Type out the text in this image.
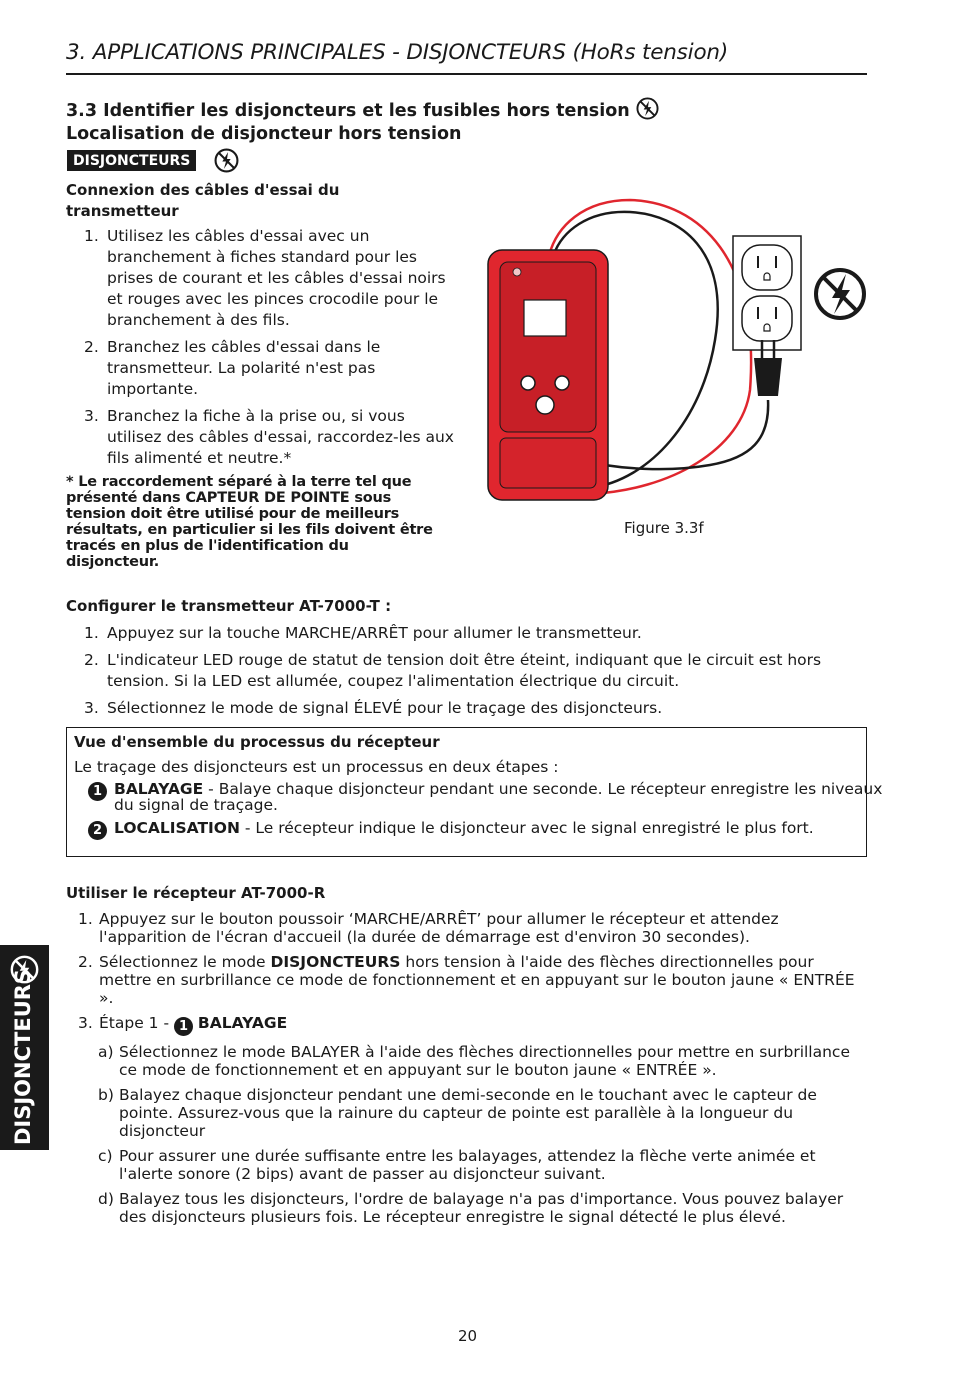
3. APPLICATIONS PRINCIPALES - DISJONCTEURS (HoRs tension)
3.3 Identifier les disjoncteurs et les fusibles hors tension
Localisation de disjoncteur hors tension
DISJONCTEURS
Connexion des câbles d'essai du transmetteur
1. Utilisez les câbles d'essai avec un branchement à fiches standard pour les prises de courant et les câbles d'essai noirs et rouges avec les pinces crocodile pour le branchement à des fils.
2. Branchez les câbles d'essai dans le transmetteur. La polarité n'est pas importante.
3. Branchez la fiche à la prise ou, si vous utilisez des câbles d'essai, raccordez-les aux fils alimenté et neutre.*
* Le raccordement séparé à la terre tel que présenté dans CAPTEUR DE POINTE sous tension doit être utilisé pour de meilleurs résultats, en particulier si les fils doivent être tracés en plus de l'identification du disjoncteur.
Figure 3.3f
Configurer le transmetteur AT-7000-T :
1. Appuyez sur la touche MARCHE/ARRÊT pour allumer le transmetteur.
2. L'indicateur LED rouge de statut de tension doit être éteint, indiquant que le circuit est hors tension. Si la LED est allumée, coupez l'alimentation électrique du circuit.
3. Sélectionnez le mode de signal ÉLEVÉ pour le traçage des disjoncteurs.
Vue d'ensemble du processus du récepteur
Le traçage des disjoncteurs est un processus en deux étapes :
1 BALAYAGE - Balaye chaque disjoncteur pendant une seconde. Le récepteur enregistre les niveaux du signal de traçage.
2 LOCALISATION - Le récepteur indique le disjoncteur avec le signal enregistré le plus fort.
Utiliser le récepteur AT-7000-R
1. Appuyez sur le bouton poussoir ‘MARCHE/ARRÊT’ pour allumer le récepteur et attendez l'apparition de l'écran d'accueil (la durée de démarrage est d'environ 30 secondes).
2. Sélectionnez le mode DISJONCTEURS hors tension à l'aide des flèches directionnelles pour mettre en surbrillance ce mode de fonctionnement et en appuyant sur le bouton jaune « ENTRÉE ».
3. Étape 1 - 1 BALAYAGE
a) Sélectionnez le mode BALAYER à l'aide des flèches directionnelles pour mettre en surbrillance ce mode de fonctionnement et en appuyant sur le bouton jaune « ENTRÉE ».
b) Balayez chaque disjoncteur pendant une demi-seconde en le touchant avec le capteur de pointe. Assurez-vous que la rainure du capteur de pointe est parallèle à la longueur du disjoncteur
c) Pour assurer une durée suffisante entre les balayages, attendez la flèche verte animée et l'alerte sonore (2 bips) avant de passer au disjoncteur suivant.
d) Balayez tous les disjoncteurs, l'ordre de balayage n'a pas d'importance. Vous pouvez balayer des disjoncteurs plusieurs fois. Le récepteur enregistre le signal détecté le plus élevé.
DISJONCTEURS
20
